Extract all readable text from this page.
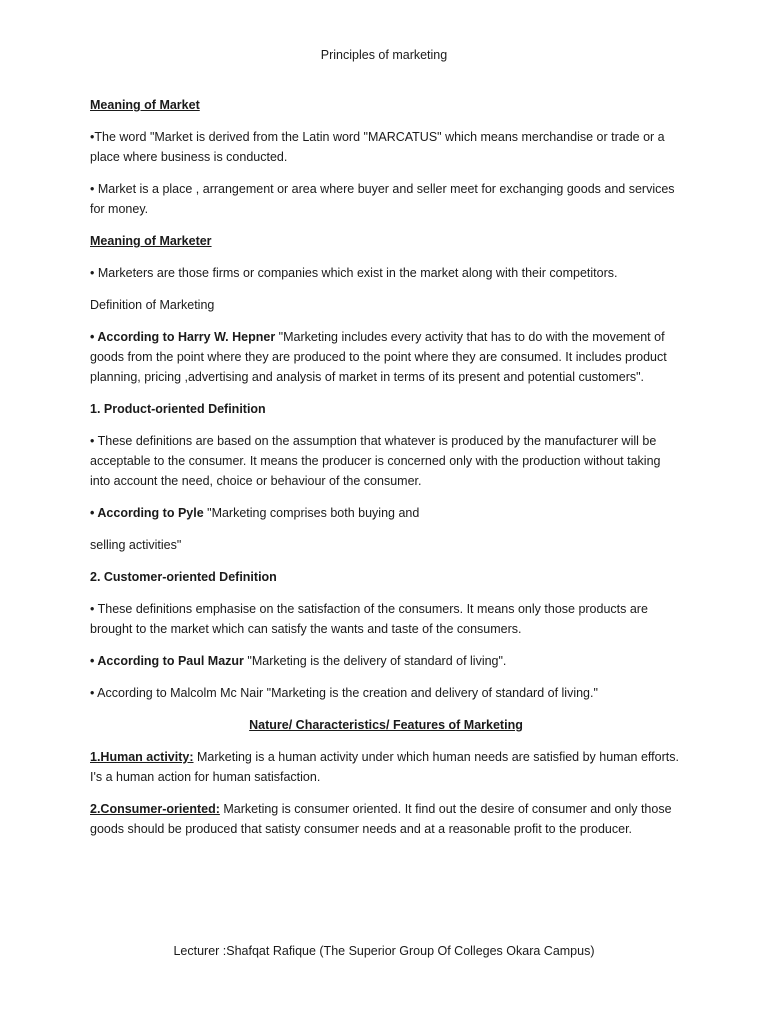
Principles of marketing
Meaning of Market
•The word "Market is derived from the Latin word "MARCATUS" which means merchandise or trade or a place where business is conducted.
• Market is a place , arrangement or area where buyer and seller meet for exchanging goods and services for money.
Meaning of Marketer
• Marketers are those firms or companies which exist in the market along with their competitors.
Definition of Marketing
• According to Harry W. Hepner "Marketing includes every activity that has to do with the movement of goods from the point where they are produced to the point where they are consumed. It includes product planning, pricing ,advertising and analysis of market in terms of its present and potential customers".
1. Product-oriented Definition
• These definitions are based on the assumption that whatever is produced by the manufacturer will be acceptable to the consumer. It means the producer is concerned only with the production without taking into account the need, choice or behaviour of the consumer.
• According to Pyle "Marketing comprises both buying and
selling activities"
2. Customer-oriented Definition
• These definitions emphasise on the satisfaction of the consumers. It means only those products are brought to the market which can satisfy the wants and taste of the consumers.
• According to Paul Mazur "Marketing is the delivery of standard of living".
• According to Malcolm Mc Nair "Marketing is the creation and delivery of standard of living."
Nature/ Characteristics/ Features of Marketing
1.Human activity: Marketing is a human activity under which human needs are satisfied by human efforts. I's a human action for human satisfaction.
2.Consumer-oriented: Marketing is consumer oriented. It find out the desire of consumer and only those goods should be produced that satisty consumer needs and at a reasonable profit to the producer.
Lecturer :Shafqat Rafique (The Superior Group Of Colleges Okara Campus)
